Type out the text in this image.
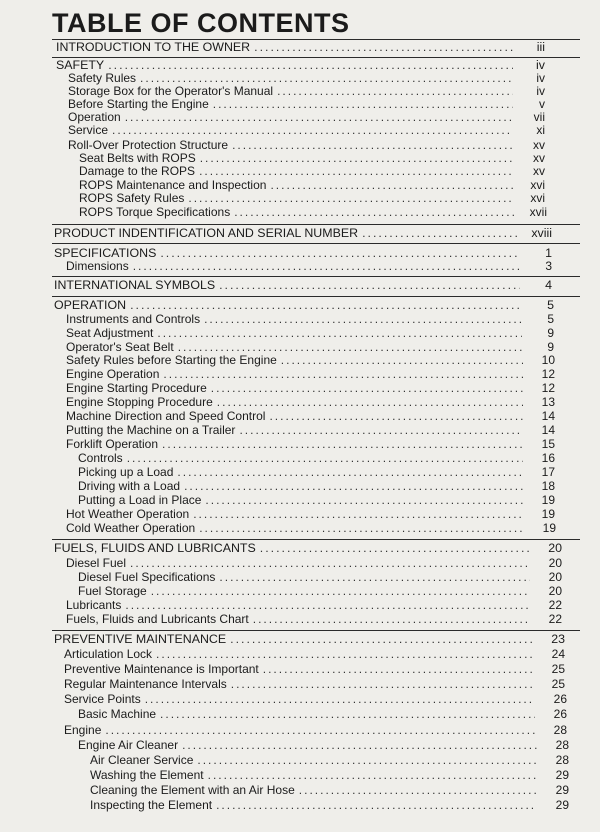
TABLE OF CONTENTS
INTRODUCTION TO THE OWNER .....	iii
SAFETY .....	iv
Safety Rules .....	iv
Storage Box for the Operator's Manual .....	iv
Before Starting the Engine .....	v
Operation .....	vii
Service .....	xi
Roll-Over Protection Structure .....	xv
Seat Belts with ROPS .....	xv
Damage to the ROPS .....	xv
ROPS Maintenance and Inspection .....	xvi
ROPS Safety Rules .....	xvi
ROPS Torque Specifications .....	xvii
PRODUCT INDENTIFICATION AND SERIAL NUMBER .....	xviii
SPECIFICATIONS .....	1
Dimensions .....	3
INTERNATIONAL SYMBOLS .....	4
OPERATION .....	5
Instruments and Controls .....	5
Seat Adjustment .....	9
Operator's Seat Belt .....	9
Safety Rules before Starting the Engine .....	10
Engine Operation .....	12
Engine Starting Procedure .....	12
Engine Stopping Procedure .....	13
Machine Direction and Speed Control .....	14
Putting the Machine on a Trailer .....	14
Forklift Operation .....	15
Controls .....	16
Picking up a Load .....	17
Driving with a Load .....	18
Putting a Load in Place .....	19
Hot Weather Operation .....	19
Cold Weather Operation .....	19
FUELS, FLUIDS AND LUBRICANTS .....	20
Diesel Fuel .....	20
Diesel Fuel Specifications .....	20
Fuel Storage .....	20
Lubricants .....	22
Fuels, Fluids and Lubricants Chart .....	22
PREVENTIVE MAINTENANCE .....	23
Articulation Lock .....	24
Preventive Maintenance is Important .....	25
Regular Maintenance Intervals .....	25
Service Points .....	26
Basic Machine .....	26
Engine .....	28
Engine Air Cleaner .....	28
Air Cleaner Service .....	28
Washing the Element .....	29
Cleaning the Element with an Air Hose .....	29
Inspecting the Element .....	29
